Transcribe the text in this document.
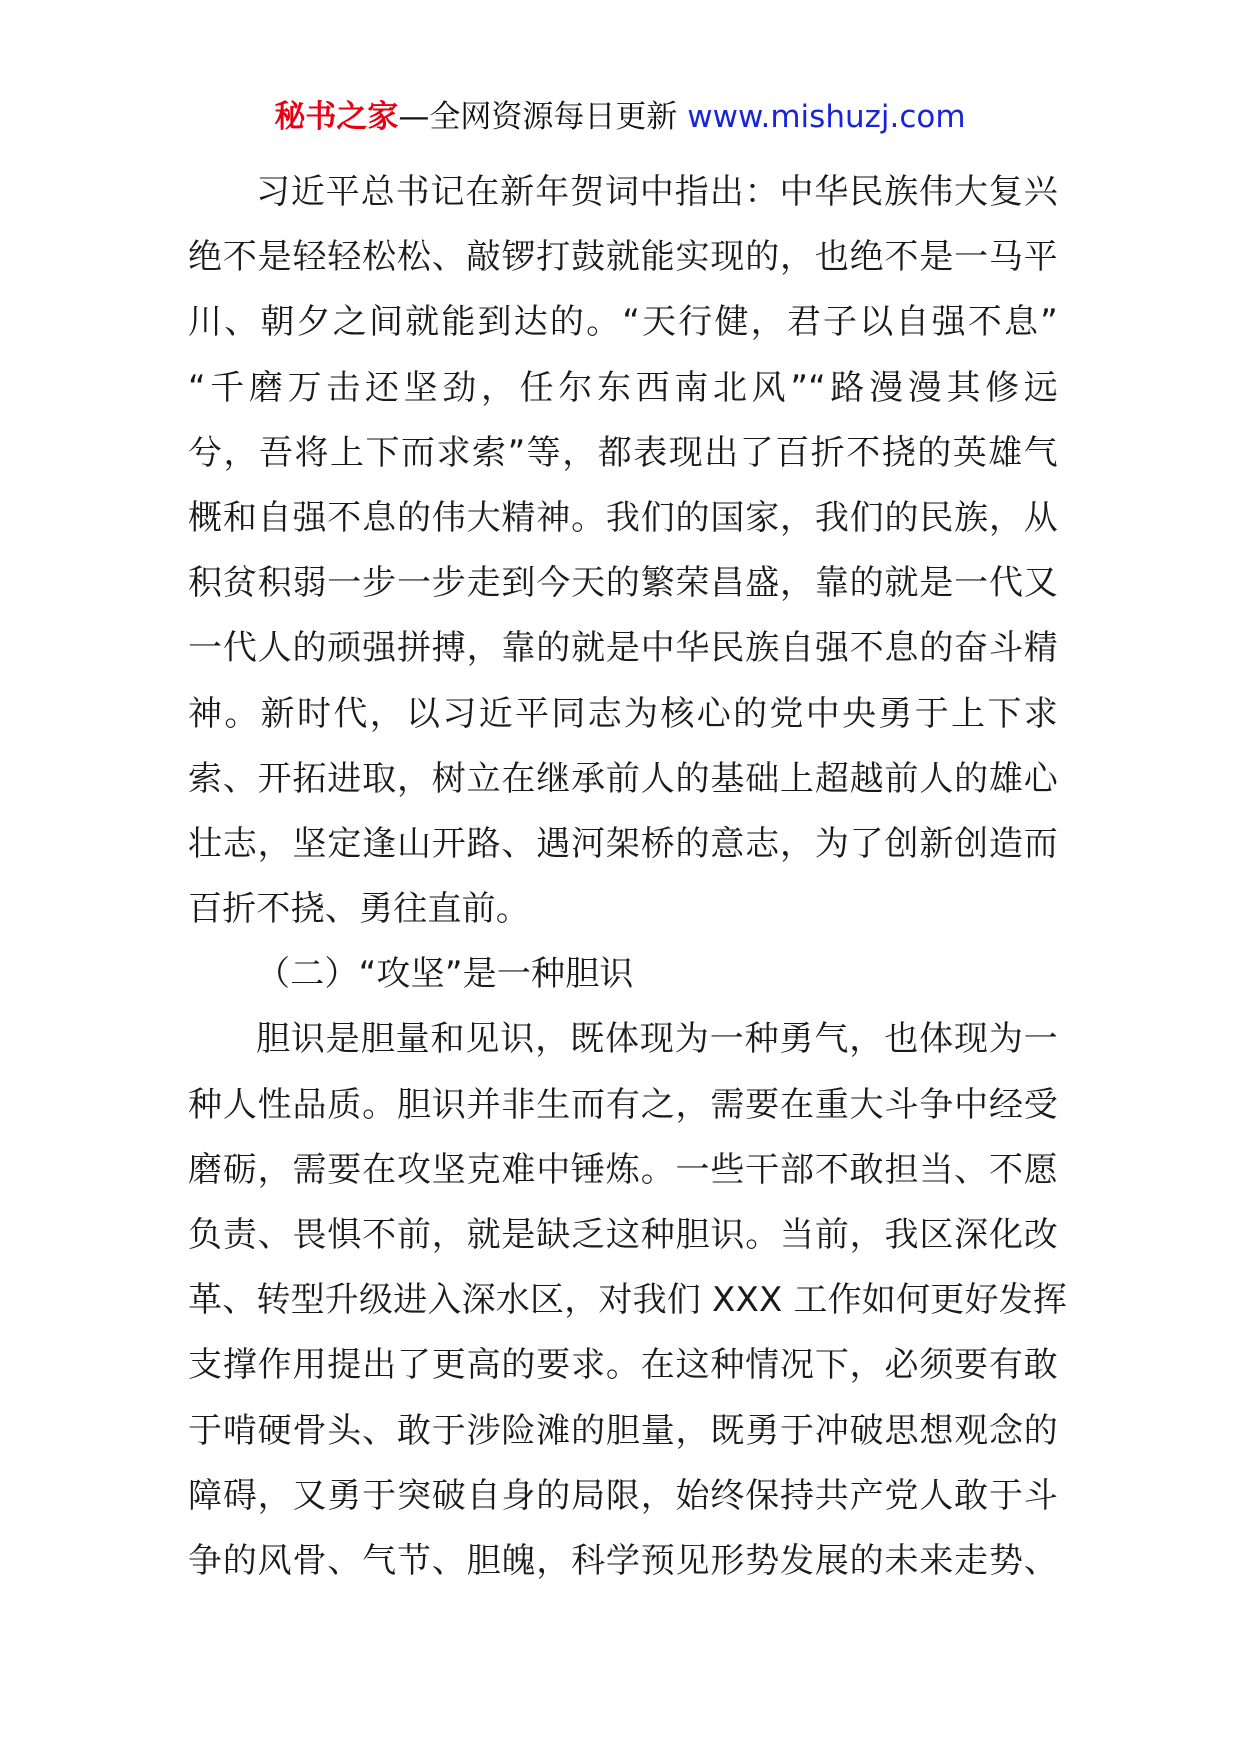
秘书之家—全网资源每日更新 www.mishuzj.com
习近平总书记在新年贺词中指出：中华民族伟大复兴
绝不是轻轻松松、敲锣打鼓就能实现的，也绝不是一马平
川、朝夕之间就能到达的。“天行健，君子以自强不息”
“千磨万击还坚劲，任尔东西南北风”“路漫漫其修远
兮，吾将上下而求索”等，都表现出了百折不挠的英雄气
概和自强不息的伟大精神。我们的国家，我们的民族，从
积贫积弱一步一步走到今天的繁荣昌盛，靠的就是一代又
一代人的顽强拼搏，靠的就是中华民族自强不息的奋斗精
神。新时代，以习近平同志为核心的党中央勇于上下求
索、开拓进取，树立在继承前人的基础上超越前人的雄心
壮志，坚定逢山开路、遇河架桥的意志，为了创新创造而
百折不挠、勇往直前。
（二）“攻坚”是一种胆识
胆识是胆量和见识，既体现为一种勇气，也体现为一
种人性品质。胆识并非生而有之，需要在重大斗争中经受
磨砺，需要在攻坚克难中锤炼。一些干部不敢担当、不愿
负责、畏惧不前，就是缺乏这种胆识。当前，我区深化改
革、转型升级进入深水区，对我们 XXX 工作如何更好发挥
支撑作用提出了更高的要求。在这种情况下，必须要有敢
于啃硬骨头、敢于涉险滩的胆量，既勇于冲破思想观念的
障碍，又勇于突破自身的局限，始终保持共产党人敢于斗
争的风骨、气节、胆魄，科学预见形势发展的未来走势、
